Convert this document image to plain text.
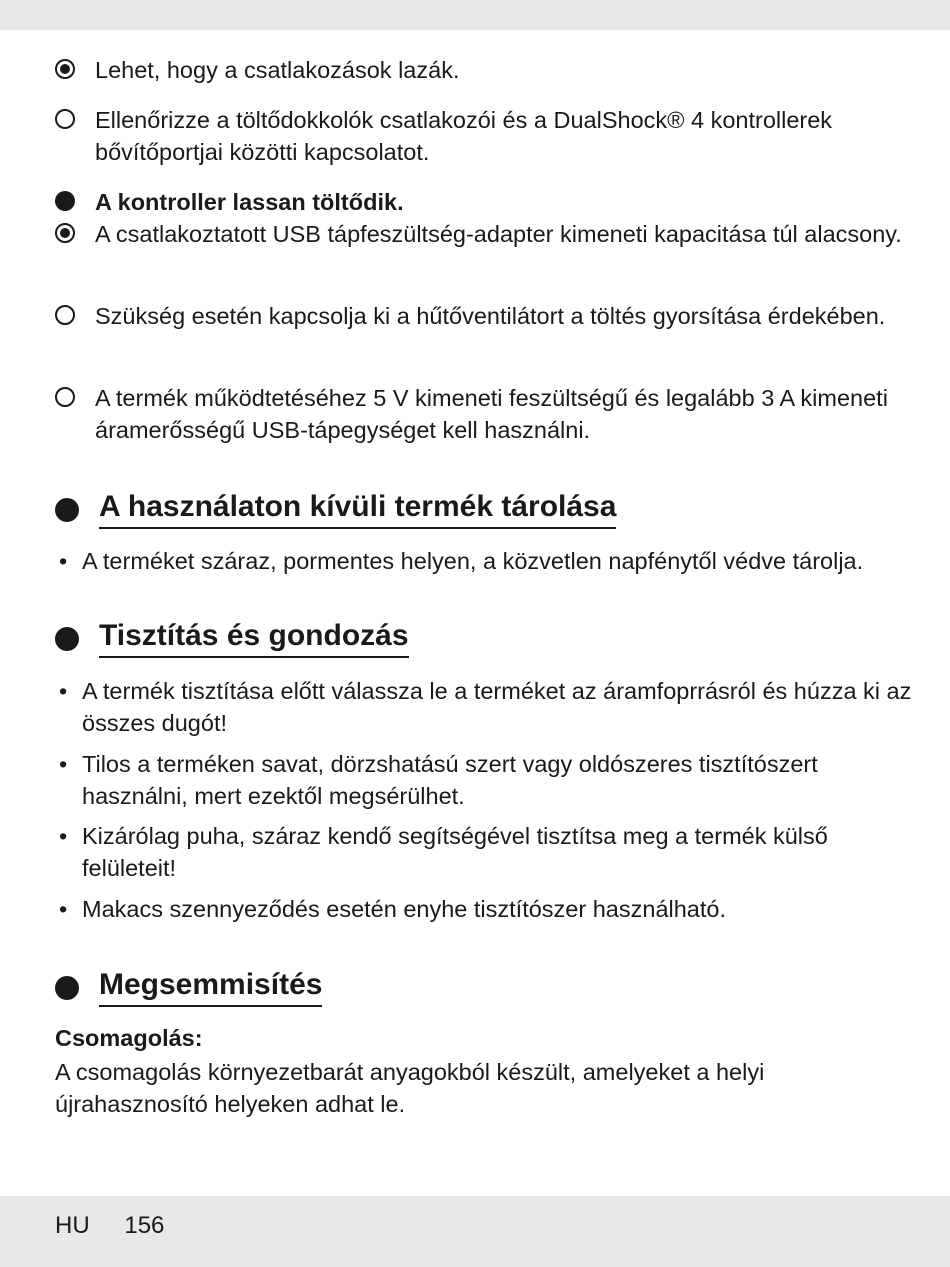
Lehet, hogy a csatlakozások lazák.
Ellenőrizze a töltődokkolók csatlakozói és a DualShock® 4 kontrollerek bővítőportjai közötti kapcsolatot.
A kontroller lassan töltődik.
A csatlakoztatott USB tápfeszültség-adapter kimeneti kapacitása túl alacsony.
Szükség esetén kapcsolja ki a hűtőventilátort a töltés gyorsítása érdekében.
A termék működtetéséhez 5 V kimeneti feszültségű és legalább 3 A kimeneti áramerősségű USB-tápegységet kell használni.
A használaton kívüli termék tárolása
• A terméket száraz, pormentes helyen, a közvetlen napfénytől védve tárolja.
Tisztítás és gondozás
• A termék tisztítása előtt válassza le a terméket az áramfoprrásról és húzza ki az összes dugót!
• Tilos a terméken savat, dörzshatású szert vagy oldószeres tisztítószert használni, mert ezektől megsérülhet.
• Kizárólag puha, száraz kendő segítségével tisztítsa meg a termék külső felületeit!
• Makacs szennyeződés esetén enyhe tisztítószer használható.
Megsemmisítés
Csomagolás:
A csomagolás környezetbarát anyagokból készült, amelyeket a helyi újrahasznosító helyeken adhat le.
HU 156
